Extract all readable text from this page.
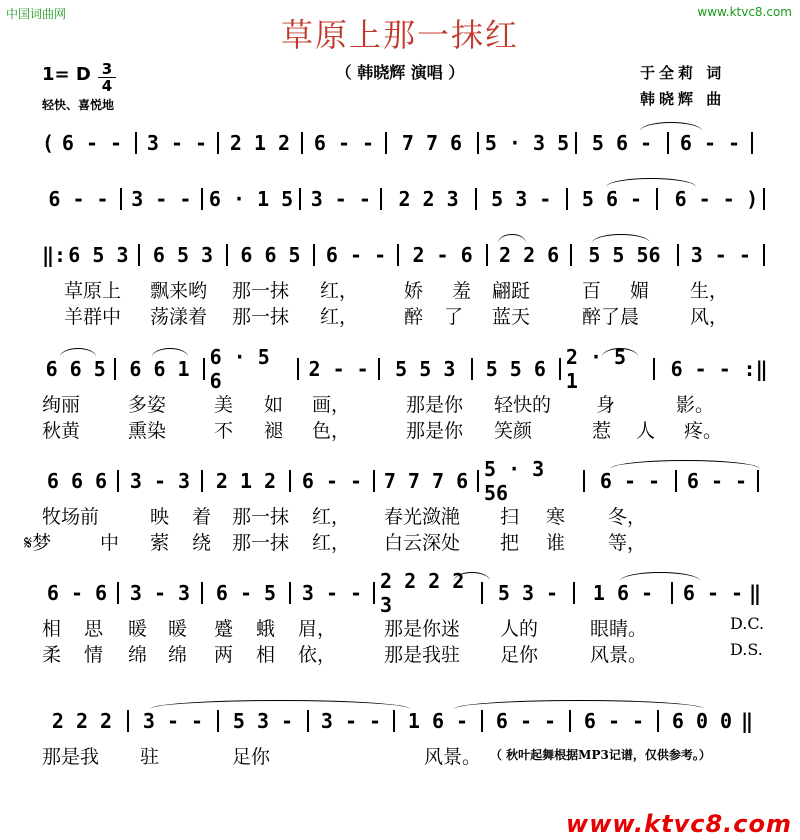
中国词曲网	www.ktvc8.com
草原上那一抹红
（ 韩晓辉 演唱 ）	于全莉 词
韩晓辉 曲
1= D 3
4
轻快、喜悦地
( 6 - -	3 - - 2 1 2 6 - -	7 7 6	5 · 3 5	5 6 -	6 - -
6 - -	3 - - 6 · 1 5 3 - -	2 2 3	5 3 -	5 6 -	6 - - )
‖: 6 5 3	6 5 3	6 6 5	6 - -	2 - 6	2 2 6	5 5 56	3 - -
草原上 飘来哟 那一抹 红， 娇 羞 翩跹	百 媚 生，
羊群中 荡漾着 那一抹 红， 醉 了 蓝天	醉了晨	风，
6 6 5	6 6 1 6 · 5 6	2 - -	5 5 3	5 5 6 2 · 5 1	6 - - :‖
绚丽	多姿	美 如 画，	那是你 轻快的 身	影。
秋黄	熏染	不 褪 色，	那是你 笑颜	惹 人 疼。
6 6 6 3 - 3	2 1 2	6 - - 7 7 7 6 5 · 3 56	6 - -	6 - -
牧场前	映 着 那一抹 红， 春光潋滟 扫 寒 冬，
𝄋梦	中 萦 绕 那一抹 红， 白云深处 把 谁 等，
6 - 6 3 - 3	6 - 5	3 - - 2 2 2 2 3	5 3 -	1 6 -	6 - - ‖
相 思 暖 暖 蹙 蛾 眉，	那是你迷 人的	眼睛。	D.C.
柔 情 绵 绵 两 相 依，	那是我驻 足你	风景。	D.S.
2 2 2	3 - -	5 3 -	3 - -	1 6 -	6 - -	6 - -	6 0 0 ‖
那是我 驻	足你	风景。 （ 秋叶起舞根据MP3记谱，仅供参考。）
www.ktvc8.com
